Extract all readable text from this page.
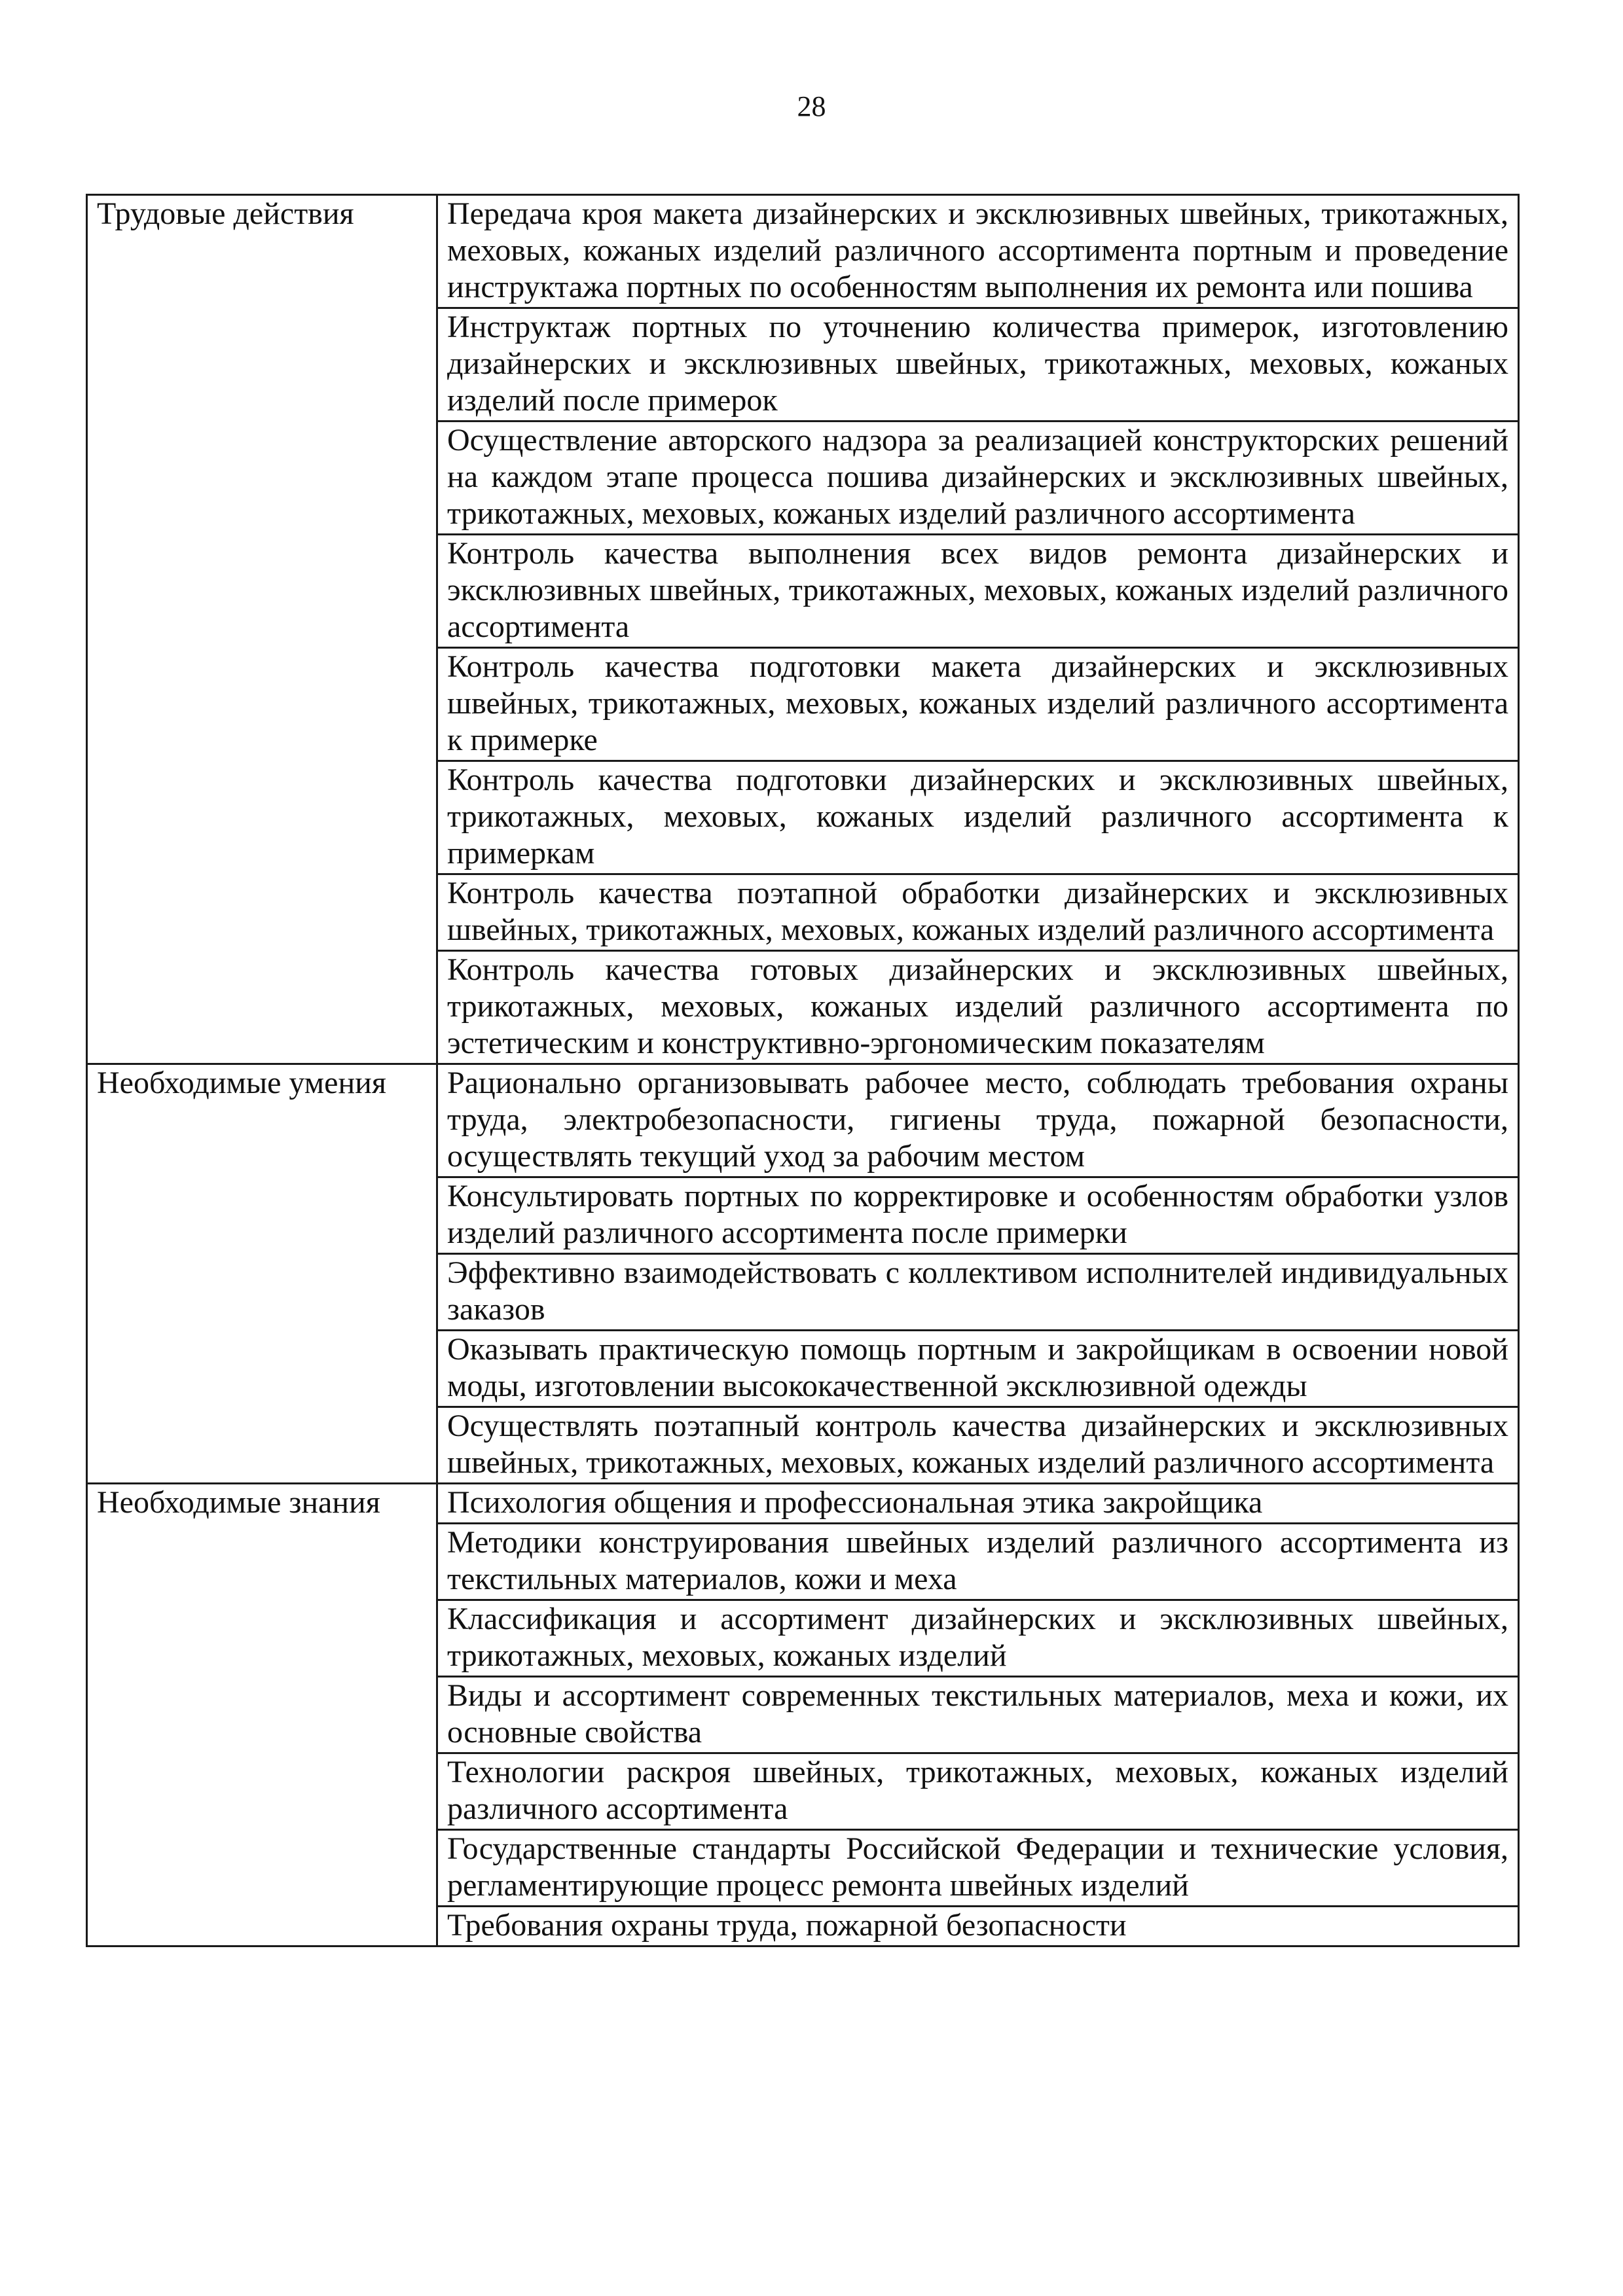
28
Трудовые действия	Передача кроя макета дизайнерских и эксклюзивных швейных, трикотажных, меховых, кожаных изделий различного ассортимента портным и проведение инструктажа портных по особенностям выполнения их ремонта или пошива

	Инструктаж портных по уточнению количества примерок, изготовлению дизайнерских и эксклюзивных швейных, трикотажных, меховых, кожаных изделий после примерок

	Осуществление авторского надзора за реализацией конструкторских решений на каждом этапе процесса пошива дизайнерских и эксклюзивных швейных, трикотажных, меховых, кожаных изделий различного ассортимента

	Контроль качества выполнения всех видов ремонта дизайнерских и эксклюзивных швейных, трикотажных, меховых, кожаных изделий различного ассортимента

	Контроль качества подготовки макета дизайнерских и эксклюзивных швейных, трикотажных, меховых, кожаных изделий различного ассортимента к примерке

	Контроль качества подготовки дизайнерских и эксклюзивных швейных, трикотажных, меховых, кожаных изделий различного ассортимента к примеркам

	Контроль качества поэтапной обработки дизайнерских и эксклюзивных швейных, трикотажных, меховых, кожаных изделий различного ассортимента

	Контроль качества готовых дизайнерских и эксклюзивных швейных, трикотажных, меховых, кожаных изделий различного ассортимента по эстетическим и конструктивно-эргономическим показателям

Необходимые умения	Рационально организовывать рабочее место, соблюдать требования охраны труда, электробезопасности, гигиены труда, пожарной безопасности, осуществлять текущий уход за рабочим местом

	Консультировать портных по корректировке и особенностям обработки узлов изделий различного ассортимента после примерки

	Эффективно взаимодействовать с коллективом исполнителей индивидуальных заказов

	Оказывать практическую помощь портным и закройщикам в освоении новой моды, изготовлении высококачественной эксклюзивной одежды

	Осуществлять поэтапный контроль качества дизайнерских и эксклюзивных швейных, трикотажных, меховых, кожаных изделий различного ассортимента

Необходимые знания	Психология общения и профессиональная этика закройщика

	Методики конструирования швейных изделий различного ассортимента из текстильных материалов, кожи и меха

	Классификация и ассортимент дизайнерских и эксклюзивных швейных, трикотажных, меховых, кожаных изделий

	Виды и ассортимент современных текстильных материалов, меха и кожи, их основные свойства

	Технологии раскроя швейных, трикотажных, меховых, кожаных изделий различного ассортимента

	Государственные стандарты Российской Федерации и технические условия, регламентирующие процесс ремонта швейных изделий

	Требования охраны труда, пожарной безопасности
